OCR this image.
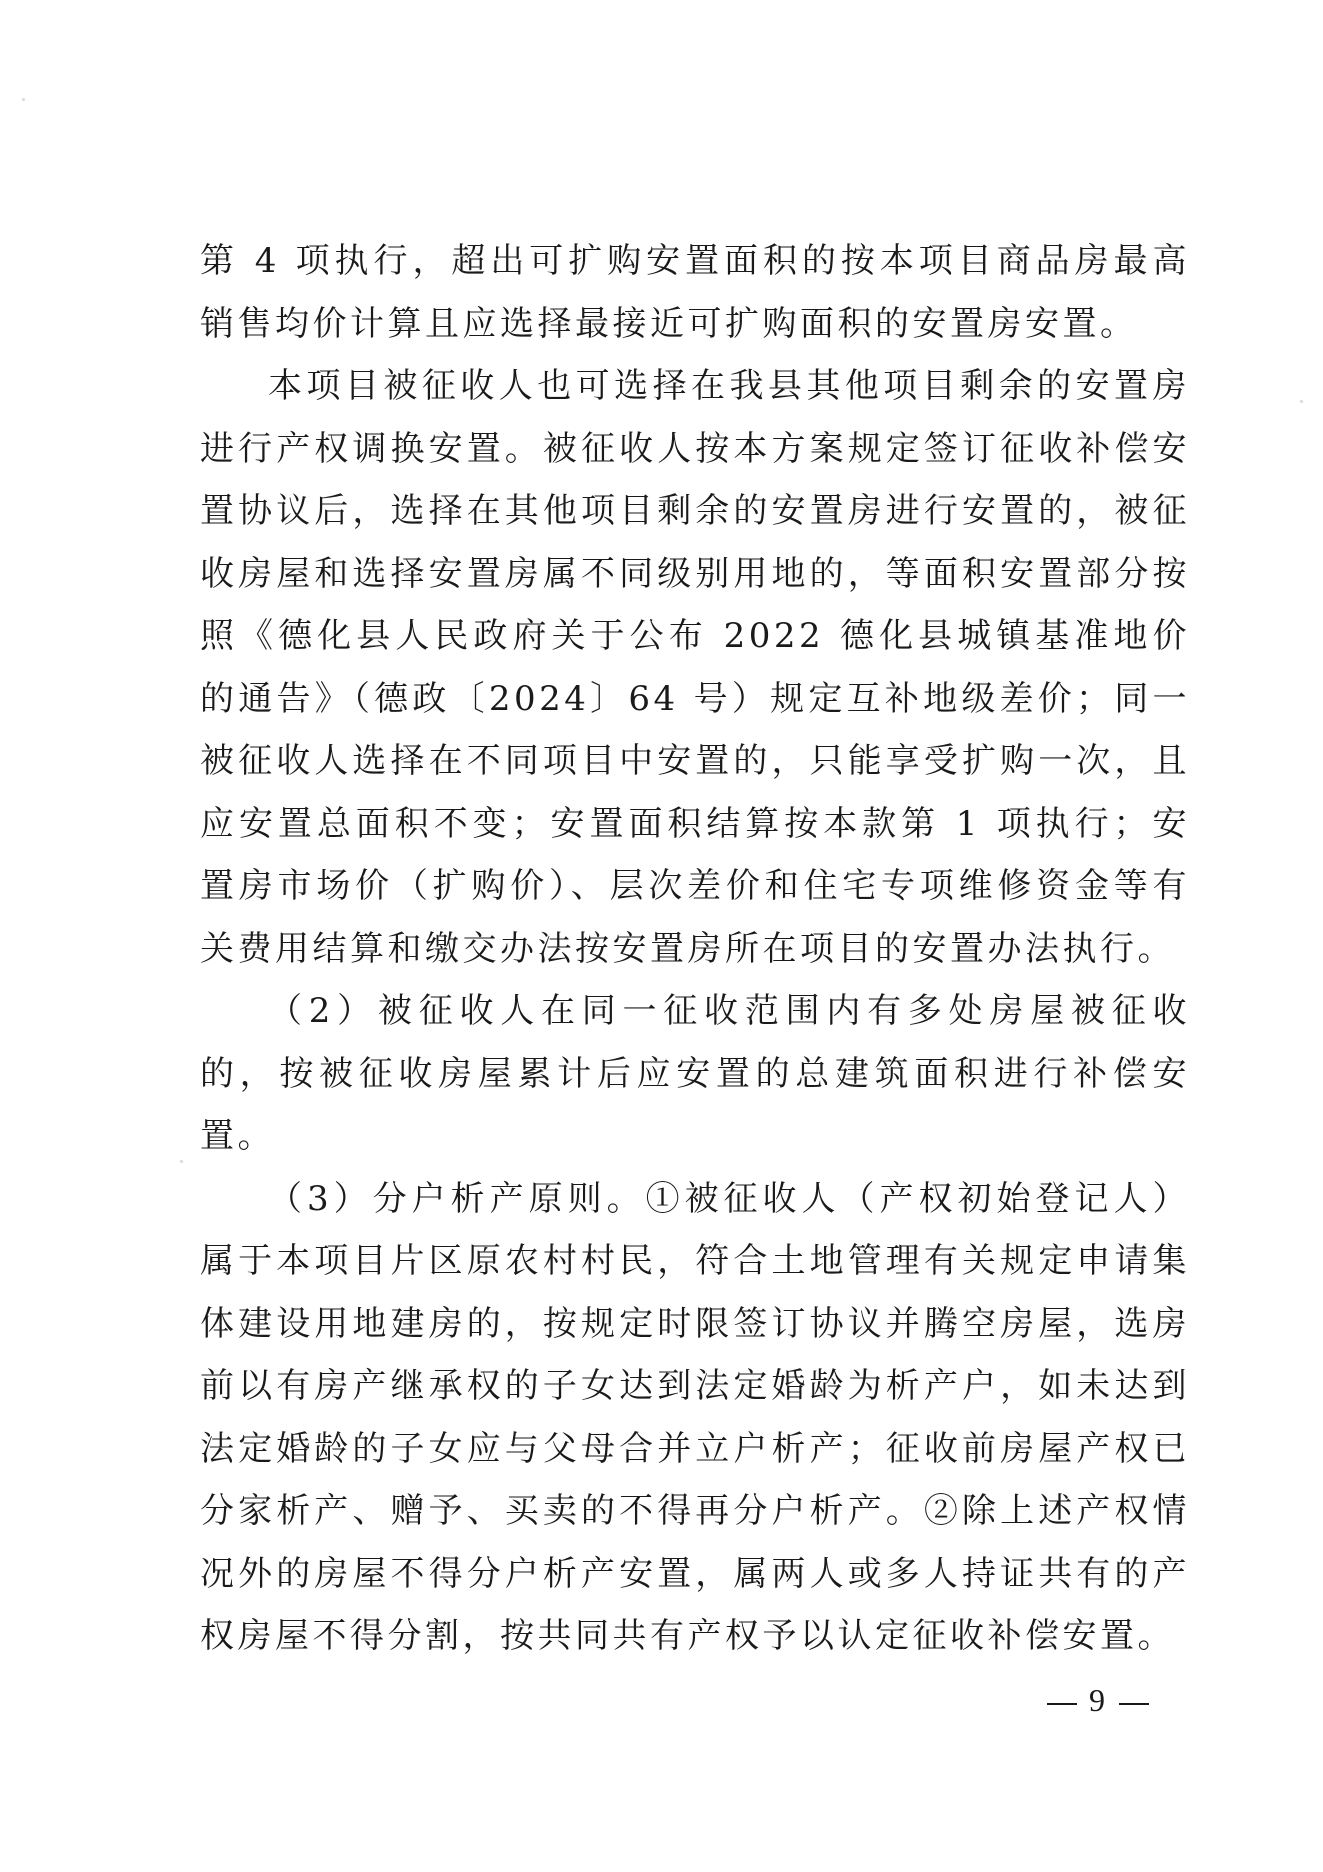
第 4 项执行，超出可扩购安置面积的按本项目商品房最高销售均价计算且应选择最接近可扩购面积的安置房安置。

本项目被征收人也可选择在我县其他项目剩余的安置房进行产权调换安置。被征收人按本方案规定签订征收补偿安置协议后，选择在其他项目剩余的安置房进行安置的，被征收房屋和选择安置房属不同级别用地的，等面积安置部分按照《德化县人民政府关于公布 2022 德化县城镇基准地价的通告》（德政〔2024〕64 号）规定互补地级差价；同一被征收人选择在不同项目中安置的，只能享受扩购一次，且应安置总面积不变；安置面积结算按本款第 1 项执行；安置房市场价（扩购价）、层次差价和住宅专项维修资金等有关费用结算和缴交办法按安置房所在项目的安置办法执行。

（2）被征收人在同一征收范围内有多处房屋被征收的，按被征收房屋累计后应安置的总建筑面积进行补偿安置。

（3）分户析产原则。①被征收人（产权初始登记人）属于本项目片区原农村村民，符合土地管理有关规定申请集体建设用地建房的，按规定时限签订协议并腾空房屋，选房前以有房产继承权的子女达到法定婚龄为析产户，如未达到法定婚龄的子女应与父母合并立户析产；征收前房屋产权已分家析产、赠予、买卖的不得再分户析产。②除上述产权情况外的房屋不得分户析产安置，属两人或多人持证共有的产权房屋不得分割，按共同共有产权予以认定征收补偿安置。

9
